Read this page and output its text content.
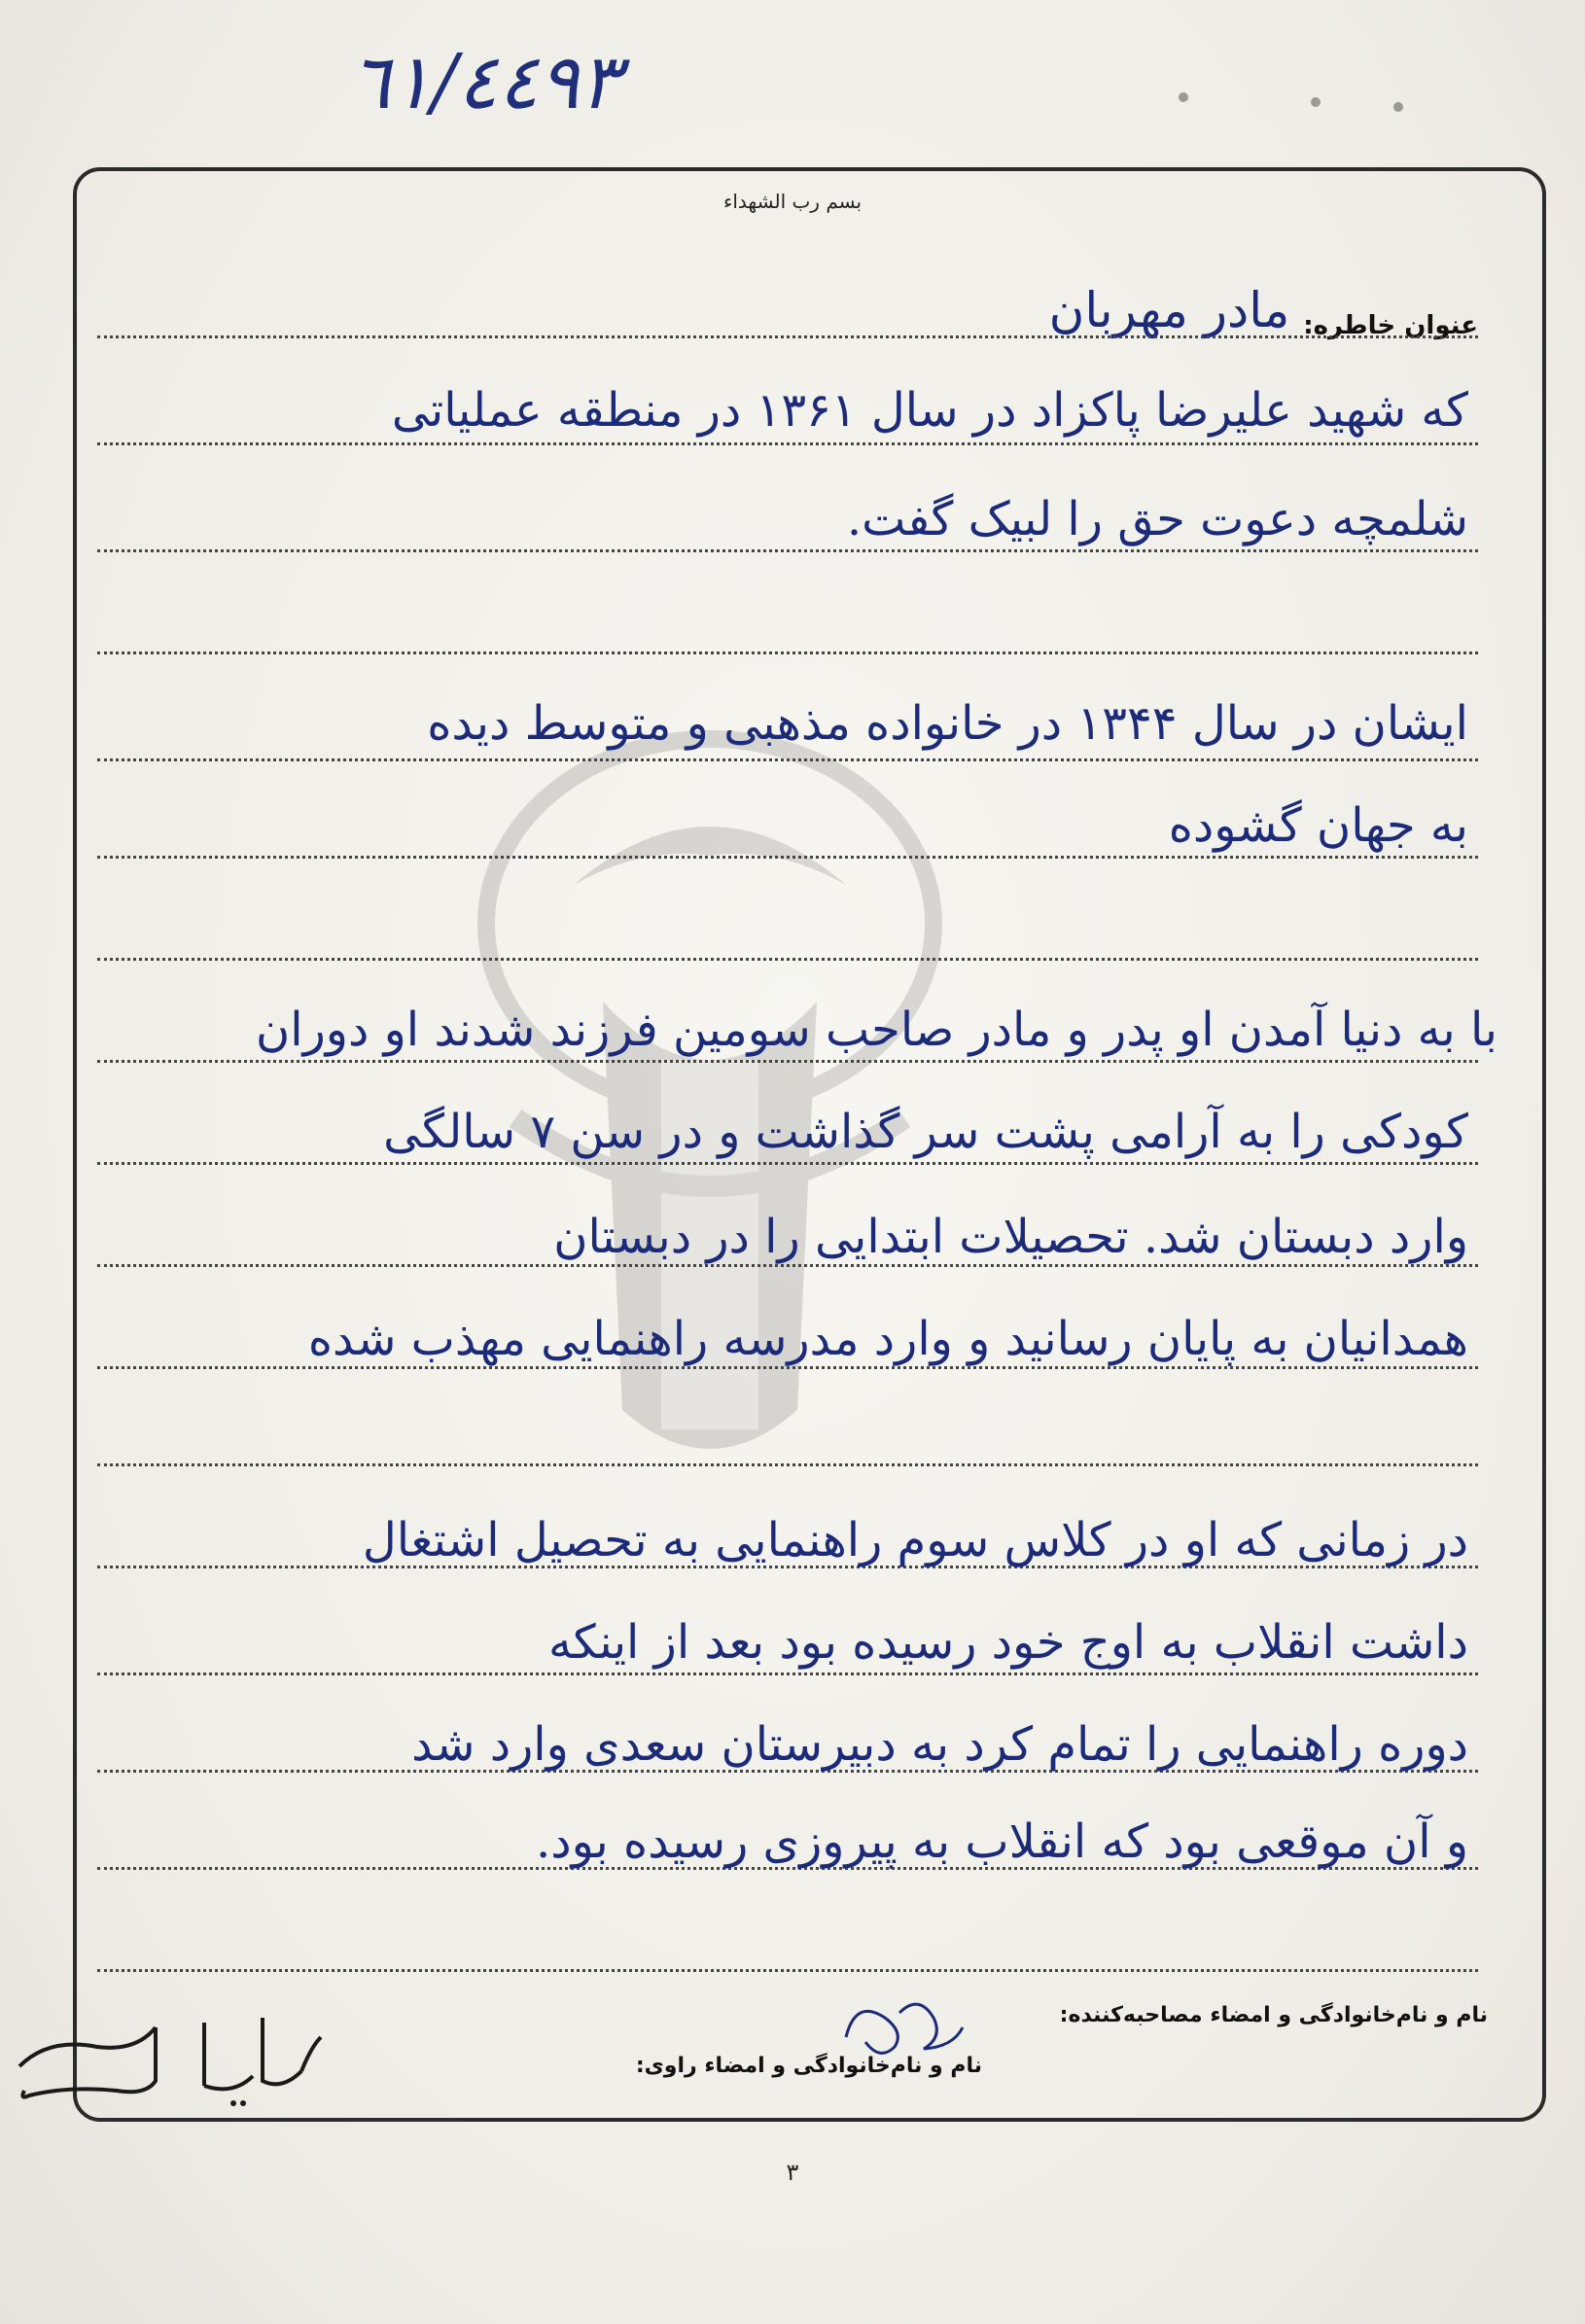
٦١/٤٤٩٣
بسم رب الشهداء
عنوان خاطره:
مادر مهربان
که شهید علیرضا پاکزاد در سال ۱۳۶۱ در منطقه عملیاتی
شلمچه دعوت حق را لبیک گفت.
ایشان در سال ۱۳۴۴ در خانواده مذهبی و متوسط دیده
به جهان گشوده
با به دنیا آمدن او پدر و مادر صاحب سومین فرزند شدند او دوران
کودکی را به آرامی پشت سر گذاشت و در سن ۷ سالگی
وارد دبستان شد. تحصیلات ابتدایی را در دبستان
همدانیان به پایان رسانید و وارد مدرسه راهنمایی مهذب شده
در زمانی که او در کلاس سوم راهنمایی به تحصیل اشتغال
داشت انقلاب به اوج خود رسیده بود بعد از اینکه
دوره راهنمایی را تمام کرد به دبیرستان سعدی وارد شد
و آن موقعی بود که انقلاب به پیروزی رسیده بود.
نام و نام‌خانوادگی و امضاء مصاحبه‌کننده:
نام و نام‌خانوادگی و امضاء راوی:
۳
